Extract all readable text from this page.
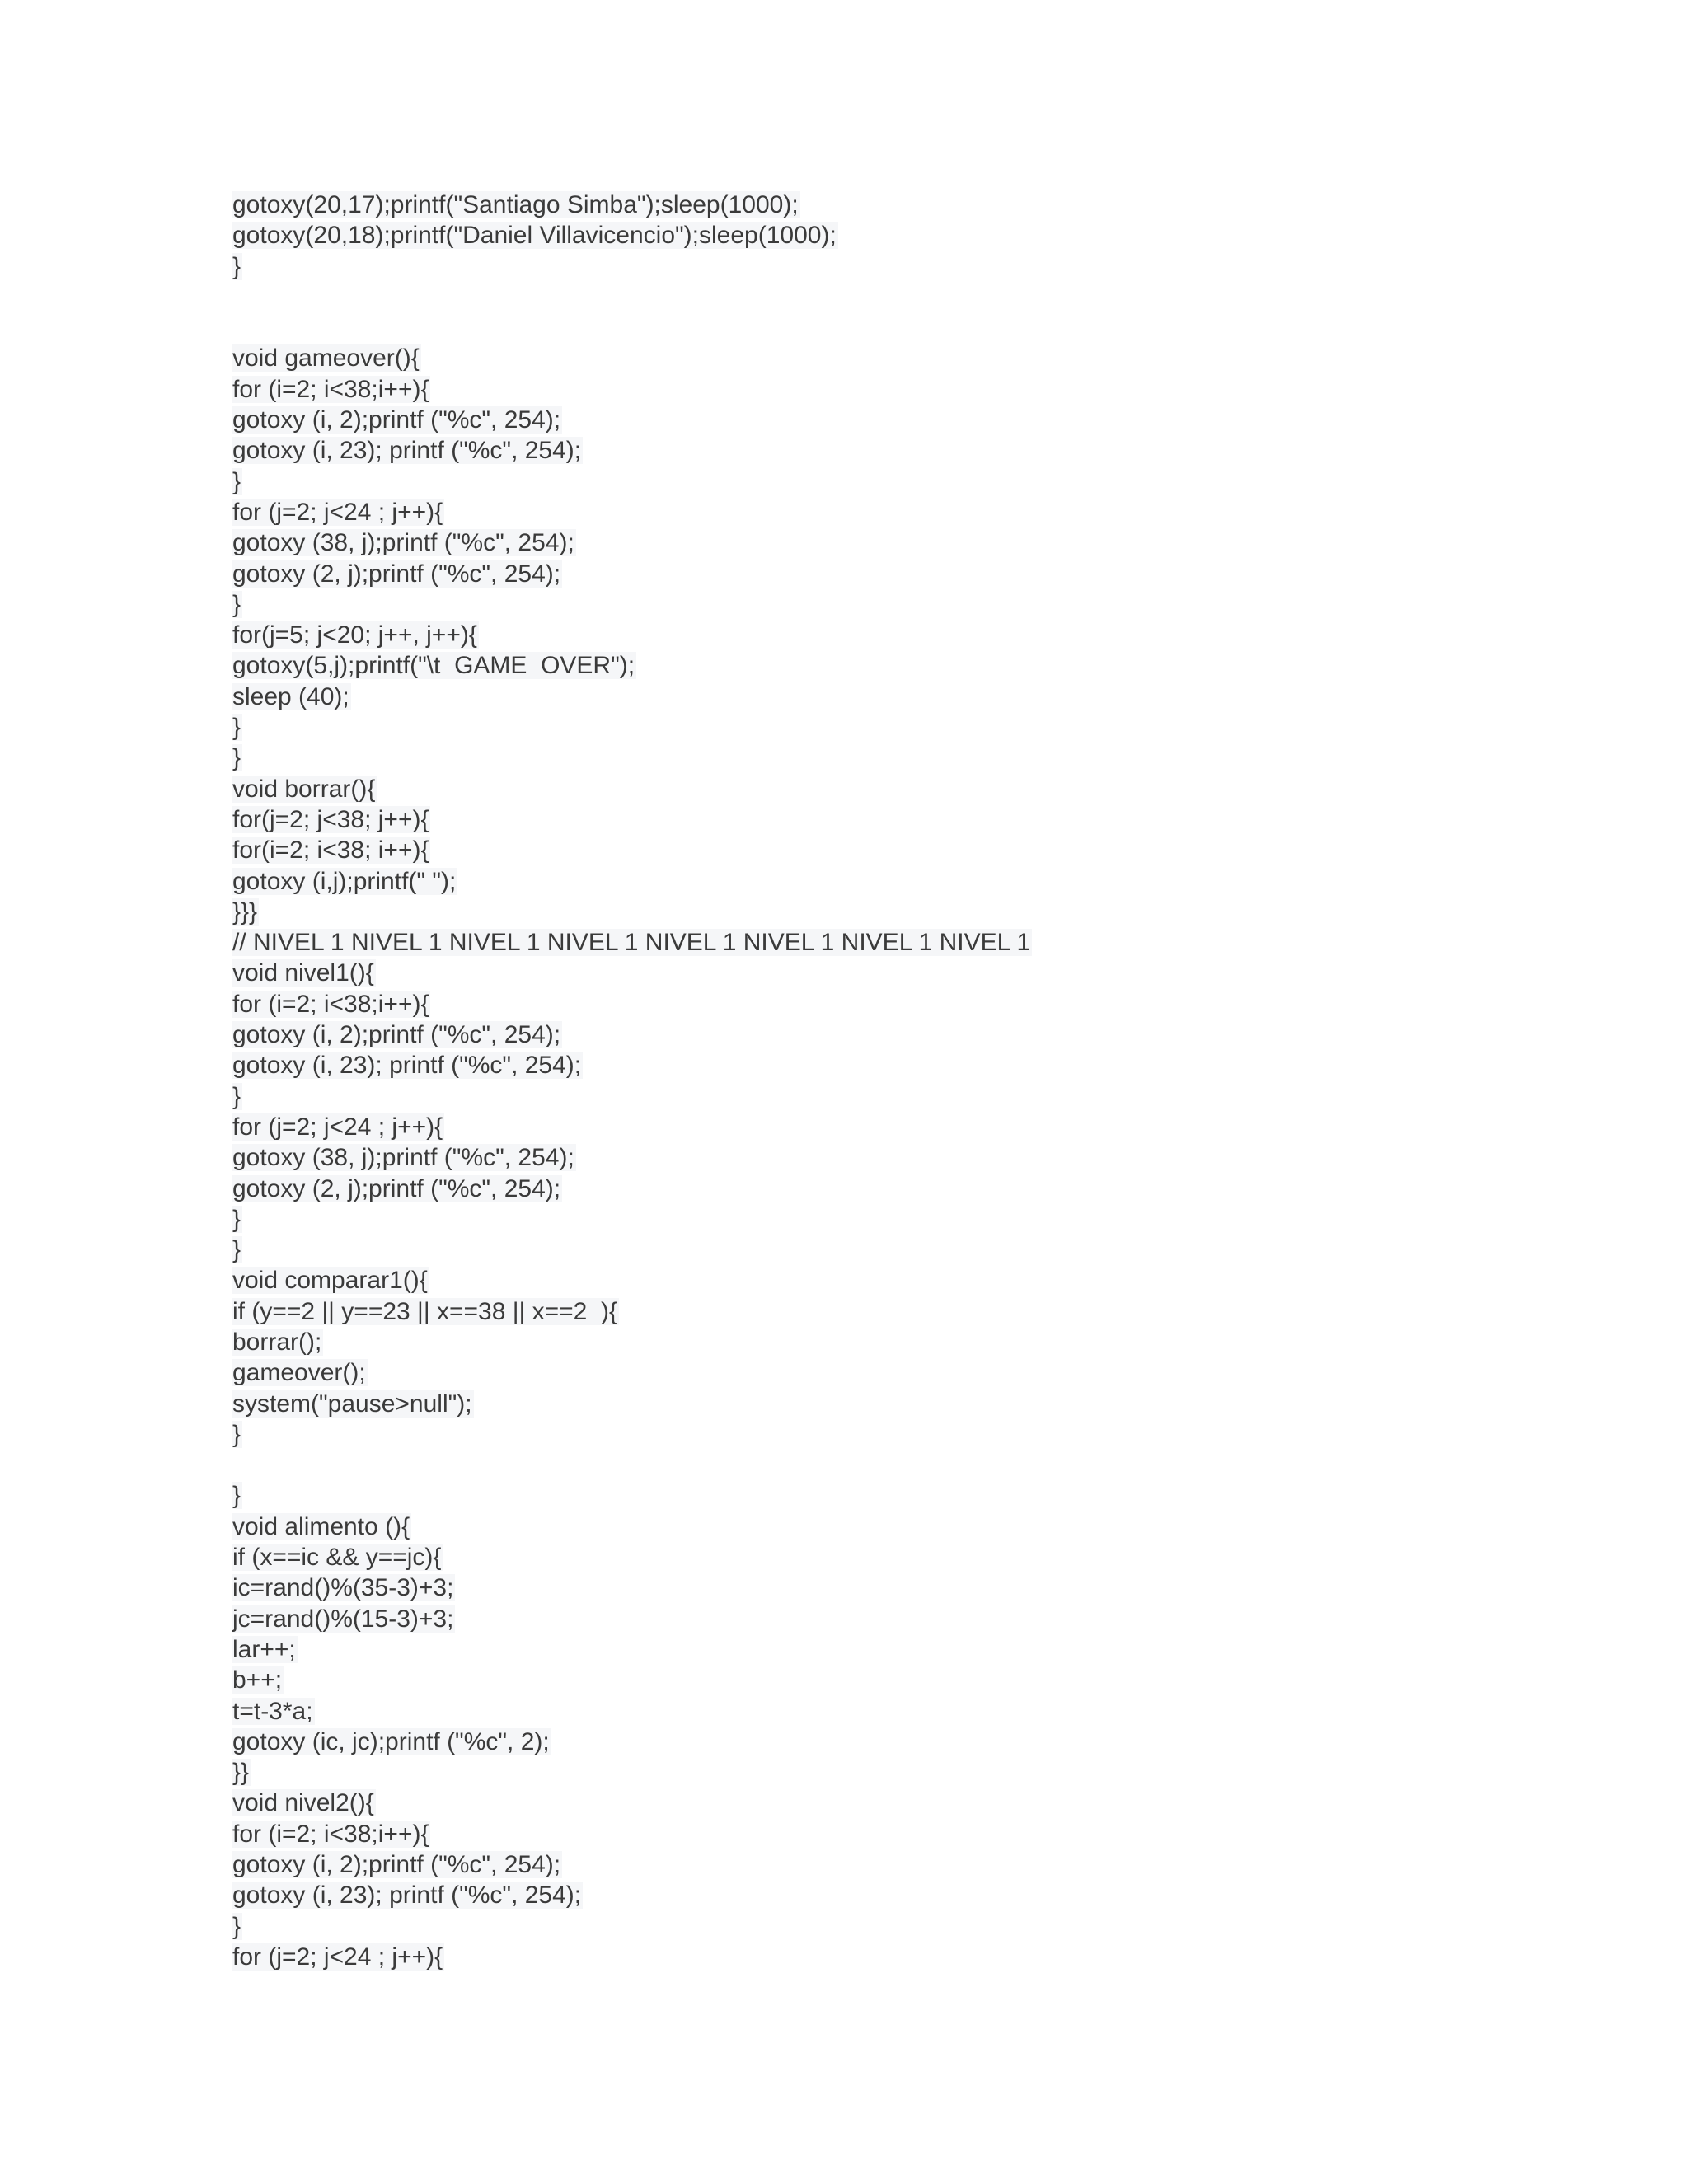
gotoxy(20,17);printf("Santiago Simba");sleep(1000);
gotoxy(20,18);printf("Daniel Villavicencio");sleep(1000);
}
void gameover(){
for (i=2; i<38;i++){
gotoxy (i, 2);printf ("%c", 254);
gotoxy (i, 23); printf ("%c", 254);
}
for (j=2; j<24 ; j++){
gotoxy (38, j);printf ("%c", 254);
gotoxy (2, j);printf ("%c", 254);
}
for(j=5; j<20; j++, j++){
gotoxy(5,j);printf("\t  GAME  OVER");
sleep (40);
}
}
void borrar(){
for(j=2; j<38; j++){
for(i=2; i<38; i++){
gotoxy (i,j);printf(" ");
}}}
// NIVEL 1 NIVEL 1 NIVEL 1 NIVEL 1 NIVEL 1 NIVEL 1 NIVEL 1 NIVEL 1
void nivel1(){
for (i=2; i<38;i++){
gotoxy (i, 2);printf ("%c", 254);
gotoxy (i, 23); printf ("%c", 254);
}
for (j=2; j<24 ; j++){
gotoxy (38, j);printf ("%c", 254);
gotoxy (2, j);printf ("%c", 254);
}
}
void comparar1(){
if (y==2 || y==23 || x==38 || x==2  ){
borrar();
gameover();
system("pause>null");
}
}
void alimento (){
if (x==ic && y==jc){
ic=rand()%(35-3)+3;
jc=rand()%(15-3)+3;
lar++;
b++;
t=t-3*a;
gotoxy (ic, jc);printf ("%c", 2);
}}
void nivel2(){
for (i=2; i<38;i++){
gotoxy (i, 2);printf ("%c", 254);
gotoxy (i, 23); printf ("%c", 254);
}
for (j=2; j<24 ; j++){
